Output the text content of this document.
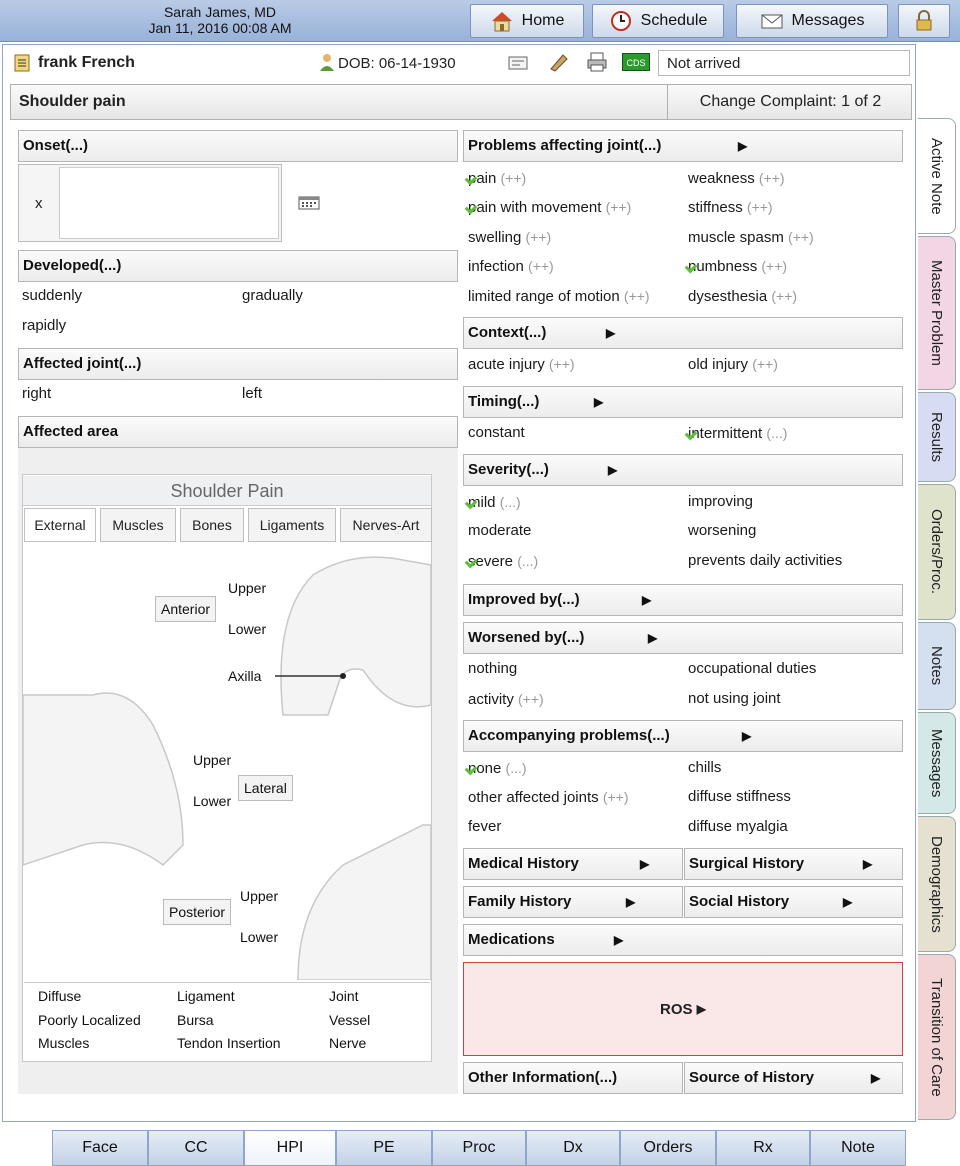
Sarah James, MD
Jan 11, 2016 00:08 AM	Home	Schedule	Messages
frank French	DOB: 06-14-1930	CDS	Not arrived
Shoulder pain	Change Complaint: 1 of 2
Onset(...)
x
Developed(...)
suddenly	gradually
rapidly
Affected joint(...)
right	left
Affected area
Shoulder Pain
External	Muscles	Bones	Ligaments	Nerves-Art
Upper
Anterior
Lower
Axilla
Upper
Lateral
Lower
Upper
Posterior
Lower
Diffuse	Ligament	Joint
Poorly Localized	Bursa	Vessel
Muscles	Tendon Insertion	Nerve
Problems affecting joint(...)	▶
pain (++)	weakness (++)
pain with movement (++)	stiffness (++)
swelling (++)	muscle spasm (++)
infection (++)	numbness (++)
limited range of motion (++)	dysesthesia (++)
Context(...)	▶
acute injury (++)	old injury (++)
Timing(...)	▶
constant	intermittent (...)
Severity(...)	▶
mild (...)	improving
moderate	worsening
severe (...)	prevents daily activities
Improved by(...)	▶
Worsened by(...)	▶
nothing	occupational duties
activity (++)	not using joint
Accompanying problems(...)	▶
none (...)	chills
other affected joints (++)	diffuse stiffness
fever	diffuse myalgia
Medical History	▶	Surgical History	▶
Family History	▶	Social History	▶
Medications	▶
ROS
▶
Other Information(...)	Source of History	▶
Active Note
Master Problem
Results
Orders/Proc.
Notes
Messages
Demographics
Transition of Care
Face	CC	HPI	PE	Proc	Dx	Orders	Rx	Note
